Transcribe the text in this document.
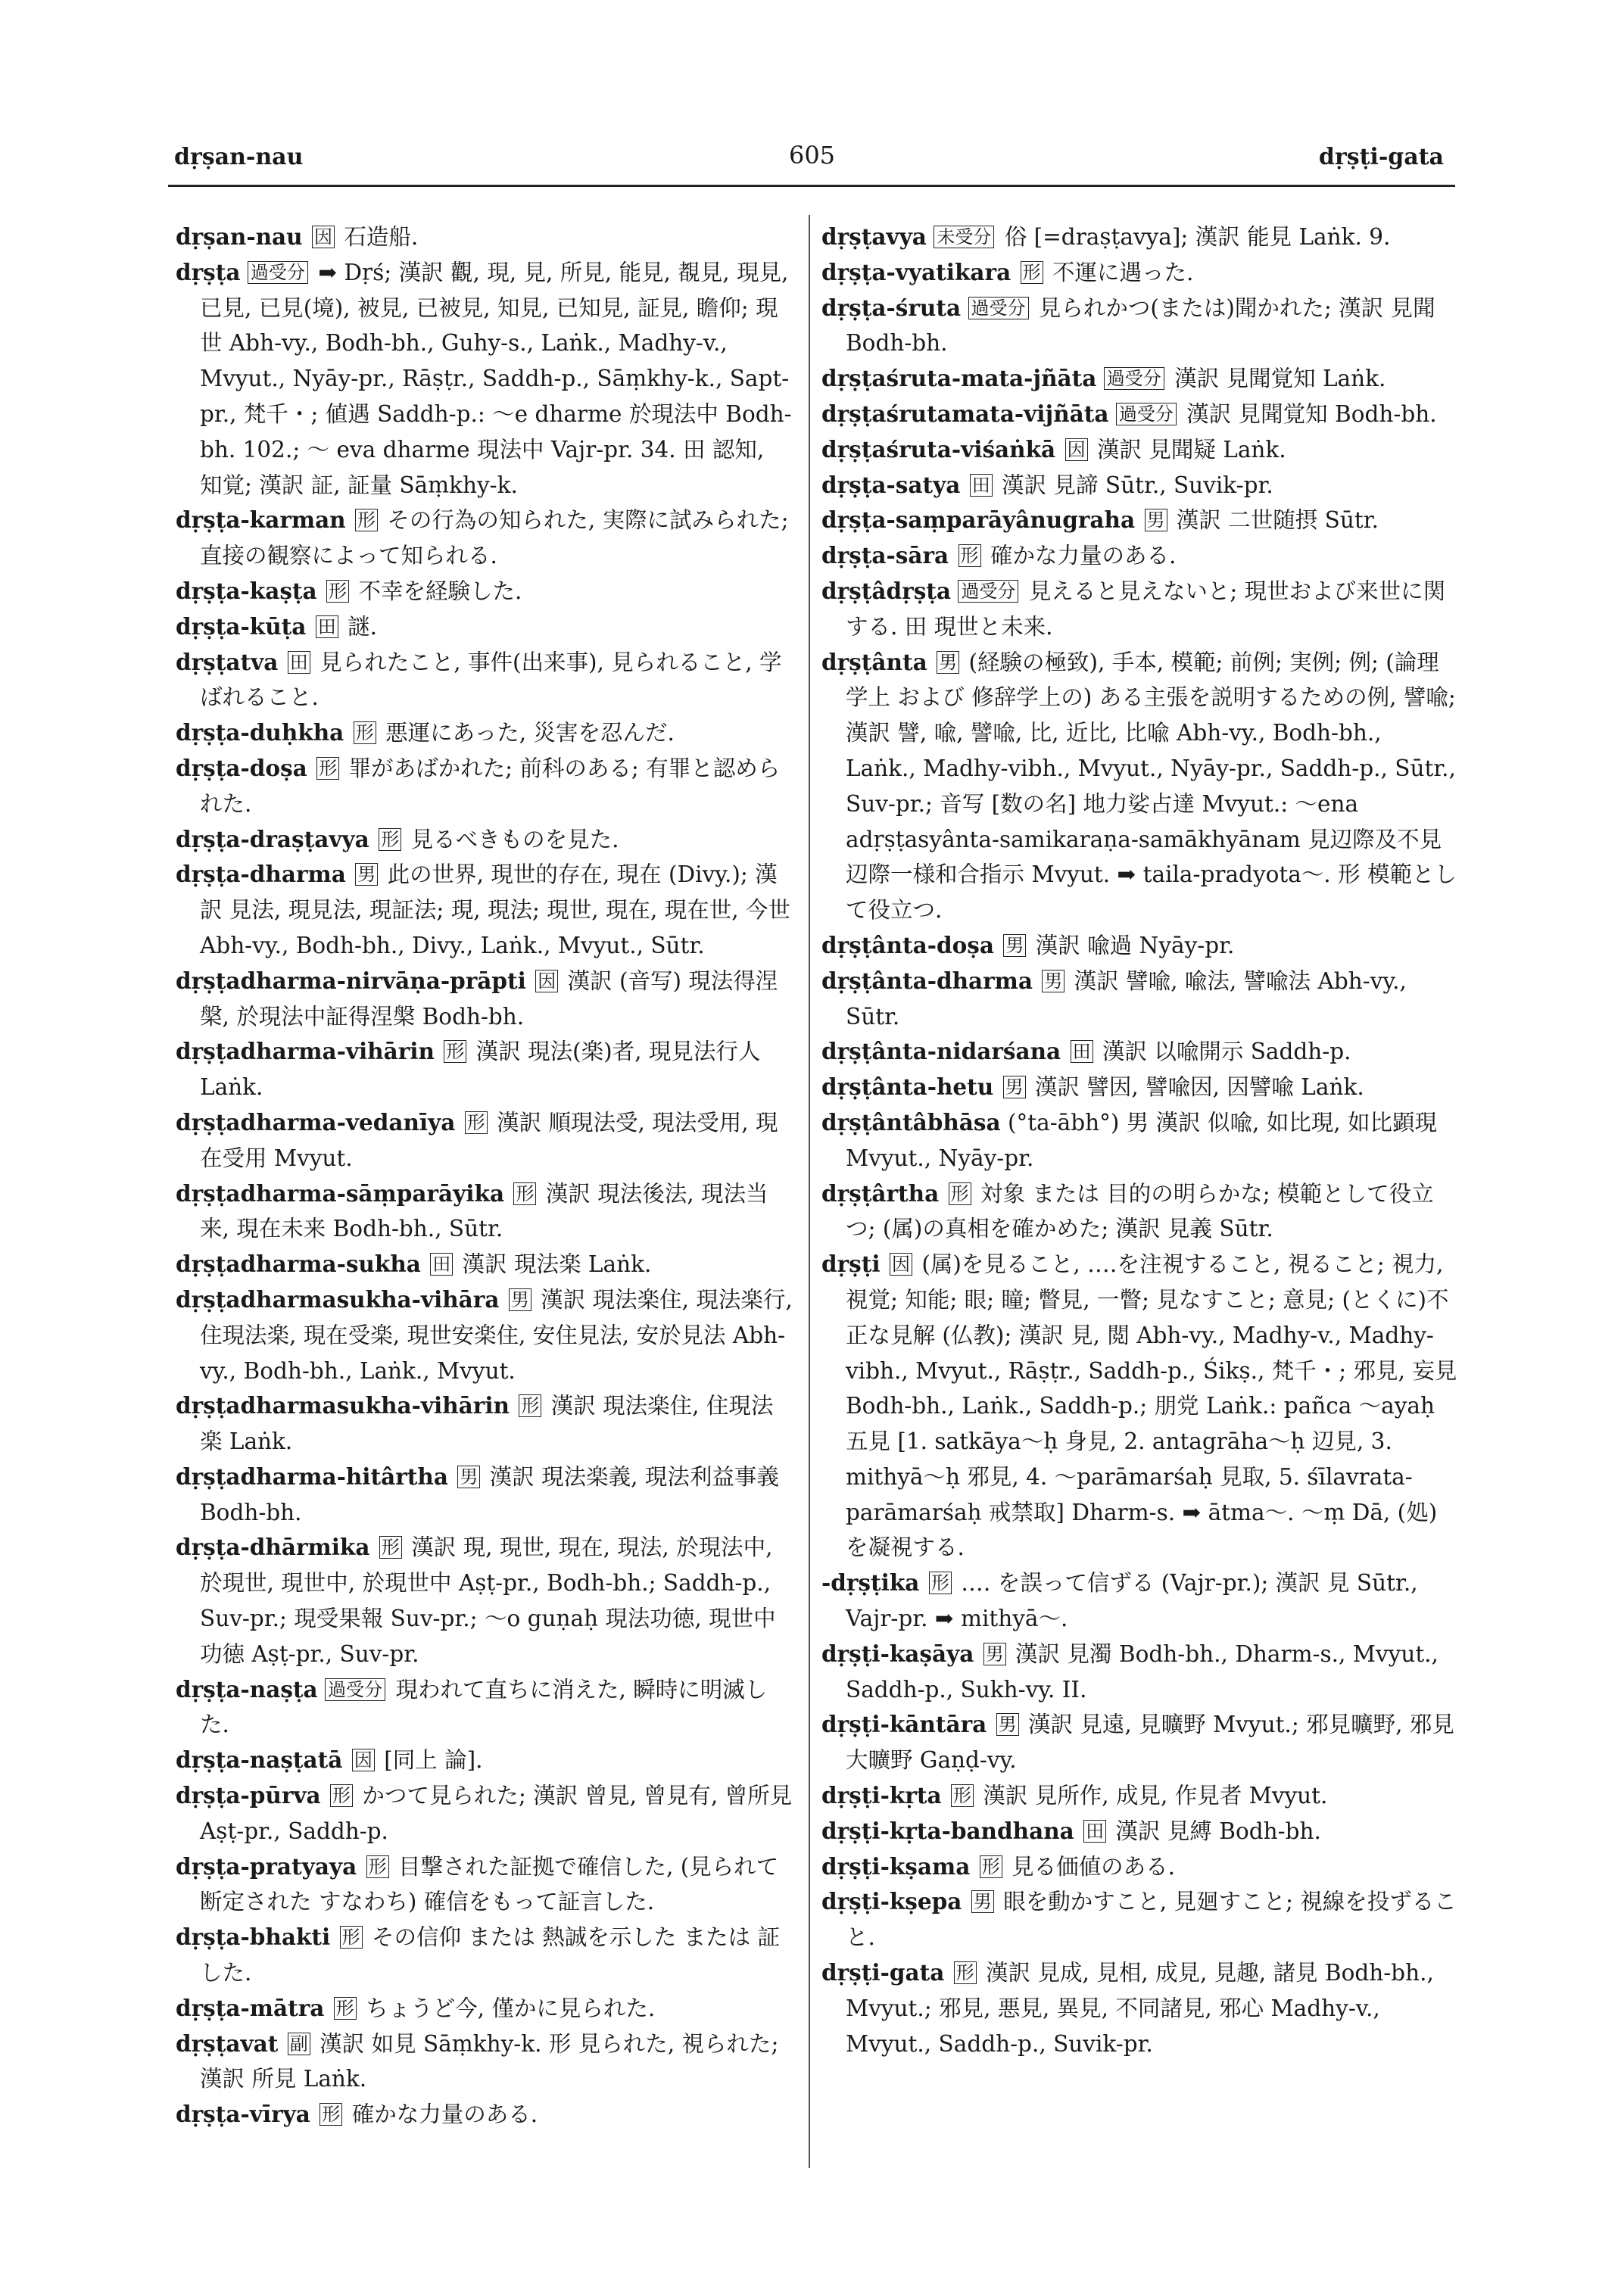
dṛṣan-nau	605	dṛṣṭi-gata

dṛṣan-nau 因 石造船.

dṛṣṭa 過受分 ➡ Dṛś; 漢訳 觀, 現, 見, 所見, 能見, 覩見, 現見, 已見, 已見(境), 被見, 已被見, 知見, 已知見, 証見, 瞻仰; 現世 Abh-vy., Bodh-bh., Guhy-s., Laṅk., Madhy-v., Mvyut., Nyāy-pr., Rāṣṭr., Saddh-p., Sāṃkhy-k., Sapt-pr., 梵千・; 値遇 Saddh-p.: ～e dharme 於現法中 Bodh-bh. 102.; ～ eva dharme 現法中 Vajr-pr. 34. 田 認知, 知覚; 漢訳 証, 証量 Sāṃkhy-k.

dṛṣṭa-karman 形 その行為の知られた, 実際に試みられた; 直接の観察によって知られる.

dṛṣṭa-kaṣṭa 形 不幸を経験した.

dṛṣṭa-kūṭa 田 謎.

dṛṣṭatva 田 見られたこと, 事件(出来事), 見られること, 学ばれること.

dṛṣṭa-duḥkha 形 悪運にあった, 災害を忍んだ.

dṛṣṭa-doṣa 形 罪があばかれた; 前科のある; 有罪と認められた.

dṛṣṭa-draṣṭavya 形 見るべきものを見た.

dṛṣṭa-dharma 男 此の世界, 現世的存在, 現在 (Divy.); 漢訳 見法, 現見法, 現証法; 現, 現法; 現世, 現在, 現在世, 今世 Abh-vy., Bodh-bh., Divy., Laṅk., Mvyut., Sūtr.

dṛṣṭadharma-nirvāṇa-prāpti 因 漢訳 (音写) 現法得涅槃, 於現法中証得涅槃 Bodh-bh.

dṛṣṭadharma-vihārin 形 漢訳 現法(楽)者, 現見法行人 Laṅk.

dṛṣṭadharma-vedanīya 形 漢訳 順現法受, 現法受用, 現在受用 Mvyut.

dṛṣṭadharma-sāṃparāyika 形 漢訳 現法後法, 現法当来, 現在未来 Bodh-bh., Sūtr.

dṛṣṭadharma-sukha 田 漢訳 現法楽 Laṅk.

dṛṣṭadharmasukha-vihāra 男 漢訳 現法楽住, 現法楽行, 住現法楽, 現在受楽, 現世安楽住, 安住見法, 安於見法 Abh-vy., Bodh-bh., Laṅk., Mvyut.

dṛṣṭadharmasukha-vihārin 形 漢訳 現法楽住, 住現法楽 Laṅk.

dṛṣṭadharma-hitârtha 男 漢訳 現法楽義, 現法利益事義 Bodh-bh.

dṛṣṭa-dhārmika 形 漢訳 現, 現世, 現在, 現法, 於現法中, 於現世, 現世中, 於現世中 Aṣṭ-pr., Bodh-bh.; Saddh-p., Suv-pr.; 現受果報 Suv-pr.; ～o guṇaḥ 現法功徳, 現世中功徳 Aṣṭ-pr., Suv-pr.

dṛṣṭa-naṣṭa 過受分 現われて直ちに消えた, 瞬時に明滅した.

dṛṣṭa-naṣṭatā 因 [同上 論].

dṛṣṭa-pūrva 形 かつて見られた; 漢訳 曾見, 曾見有, 曾所見 Aṣṭ-pr., Saddh-p.

dṛṣṭa-pratyaya 形 目撃された証拠で確信した, (見られて断定された すなわち) 確信をもって証言した.

dṛṣṭa-bhakti 形 その信仰 または 熱誠を示した または 証した.

dṛṣṭa-mātra 形 ちょうど今, 僅かに見られた.

dṛṣṭavat 副 漢訳 如見 Sāṃkhy-k. 形 見られた, 視られた; 漢訳 所見 Laṅk.

dṛṣṭa-vīrya 形 確かな力量のある.

dṛṣṭavya 未受分 俗 [=draṣṭavya]; 漢訳 能見 Laṅk. 9.

dṛṣṭa-vyatikara 形 不運に遇った.

dṛṣṭa-śruta 過受分 見られかつ(または)聞かれた; 漢訳 見聞 Bodh-bh.

dṛṣṭaśruta-mata-jñāta 過受分 漢訳 見聞覚知 Laṅk.

dṛṣṭaśrutamata-vijñāta 過受分 漢訳 見聞覚知 Bodh-bh.

dṛṣṭaśruta-viśaṅkā 因 漢訳 見聞疑 Laṅk.

dṛṣṭa-satya 田 漢訳 見諦 Sūtr., Suvik-pr.

dṛṣṭa-saṃparāyânugraha 男 漢訳 二世随摂 Sūtr.

dṛṣṭa-sāra 形 確かな力量のある.

dṛṣṭâdṛṣṭa 過受分 見えると見えないと; 現世および来世に関する. 田 現世と未来.

dṛṣṭânta 男 (経験の極致), 手本, 模範; 前例; 実例; 例; (論理学上 および 修辞学上の) ある主張を説明するための例, 譬喩; 漢訳 譬, 喩, 譬喩, 比, 近比, 比喩 Abh-vy., Bodh-bh., Laṅk., Madhy-vibh., Mvyut., Nyāy-pr., Saddh-p., Sūtr., Suv-pr.; 音写 [数の名] 地力娑占達 Mvyut.: ～ena adṛṣṭasyânta-samikaraṇa-samākhyānam 見辺際及不見辺際一様和合指示 Mvyut. ➡ taila-pradyota～. 形 模範として役立つ.

dṛṣṭânta-doṣa 男 漢訳 喩過 Nyāy-pr.

dṛṣṭânta-dharma 男 漢訳 譬喩, 喩法, 譬喩法 Abh-vy., Sūtr.

dṛṣṭânta-nidarśana 田 漢訳 以喩開示 Saddh-p.

dṛṣṭânta-hetu 男 漢訳 譬因, 譬喩因, 因譬喩 Laṅk.

dṛṣṭântâbhāsa (°ta-ābh°) 男 漢訳 似喩, 如比現, 如比顕現 Mvyut., Nyāy-pr.

dṛṣṭârtha 形 対象 または 目的の明らかな; 模範として役立つ; (属)の真相を確かめた; 漢訳 見義 Sūtr.

dṛṣṭi 因 (属)を見ること, ‥‥を注視すること, 視ること; 視力, 視覚; 知能; 眼; 瞳; 瞥見, 一瞥; 見なすこと; 意見; (とくに)不正な見解 (仏教); 漢訳 見, 閲 Abh-vy., Madhy-v., Madhy-vibh., Mvyut., Rāṣṭr., Saddh-p., Śikṣ., 梵千・; 邪見, 妄見 Bodh-bh., Laṅk., Saddh-p.; 朋党 Laṅk.: pañca ～ayaḥ 五見 [1. satkāya～ḥ 身見, 2. antagrāha～ḥ 辺見, 3. mithyā～ḥ 邪見, 4. ～parāmarśaḥ 見取, 5. śīlavrata-parāmarśaḥ 戒禁取] Dharm-s. ➡ ātma～. ～ṃ Dā, (処)を凝視する.

-dṛṣṭika 形 ‥‥ を誤って信ずる (Vajr-pr.); 漢訳 見 Sūtr., Vajr-pr. ➡ mithyā～.

dṛṣṭi-kaṣāya 男 漢訳 見濁 Bodh-bh., Dharm-s., Mvyut., Saddh-p., Sukh-vy. II.

dṛṣṭi-kāntāra 男 漢訳 見遠, 見曠野 Mvyut.; 邪見曠野, 邪見大曠野 Gaṇḍ-vy.

dṛṣṭi-kṛta 形 漢訳 見所作, 成見, 作見者 Mvyut.

dṛṣṭi-kṛta-bandhana 田 漢訳 見縛 Bodh-bh.

dṛṣṭi-kṣama 形 見る価値のある.

dṛṣṭi-kṣepa 男 眼を動かすこと, 見廻すこと; 視線を投ずること.

dṛṣṭi-gata 形 漢訳 見成, 見相, 成見, 見趣, 諸見 Bodh-bh., Mvyut.; 邪見, 悪見, 異見, 不同諸見, 邪心 Madhy-v., Mvyut., Saddh-p., Suvik-pr.
